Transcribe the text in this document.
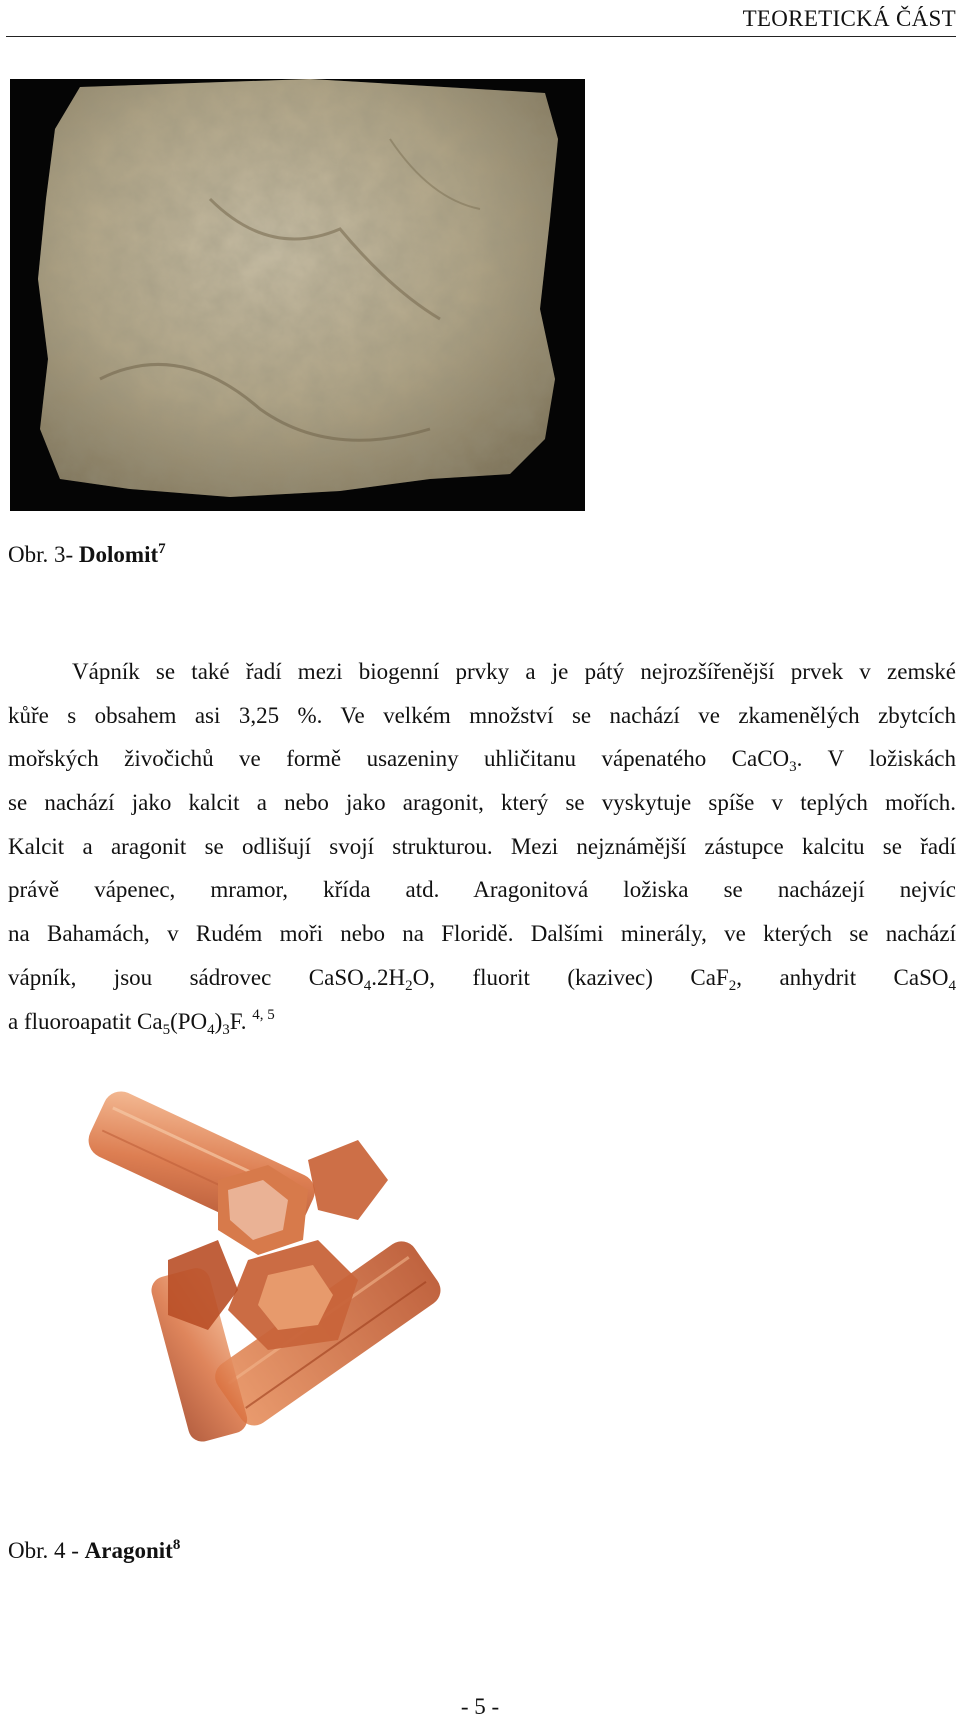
TEORETICKÁ ČÁST
Obr. 3- Dolomit$^7$
Vápník se také řadí mezi biogenní prvky a je pátý nejrozšířenější prvek v zemské
kůře s obsahem asi 3,25 %. Ve velkém množství se nachází ve zkamenělých zbytcích
mořských živočichů ve formě usazeniny uhličitanu vápenatého CaCO$_3$. V ložiskách
se nachází jako kalcit a nebo jako aragonit, který se vyskytuje spíše v teplých mořích.
Kalcit a aragonit se odlišují svojí strukturou. Mezi nejznámější zástupce kalcitu se řadí
právě vápenec, mramor, křída atd. Aragonitová ložiska se nacházejí nejvíc
na Bahamách, v Rudém moři nebo na Floridě. Dalšími minerály, ve kterých se nachází
vápník, jsou sádrovec $CaSO_4.2H_2O$, fluorit (kazivec) CaF$_2$, anhydrit CaSO$_4$
a fluoroapatit $Ca_5(PO_4)_3F$. $^{4, 5}$
Obr. 4 - Aragonit$^8$
- 5 -
